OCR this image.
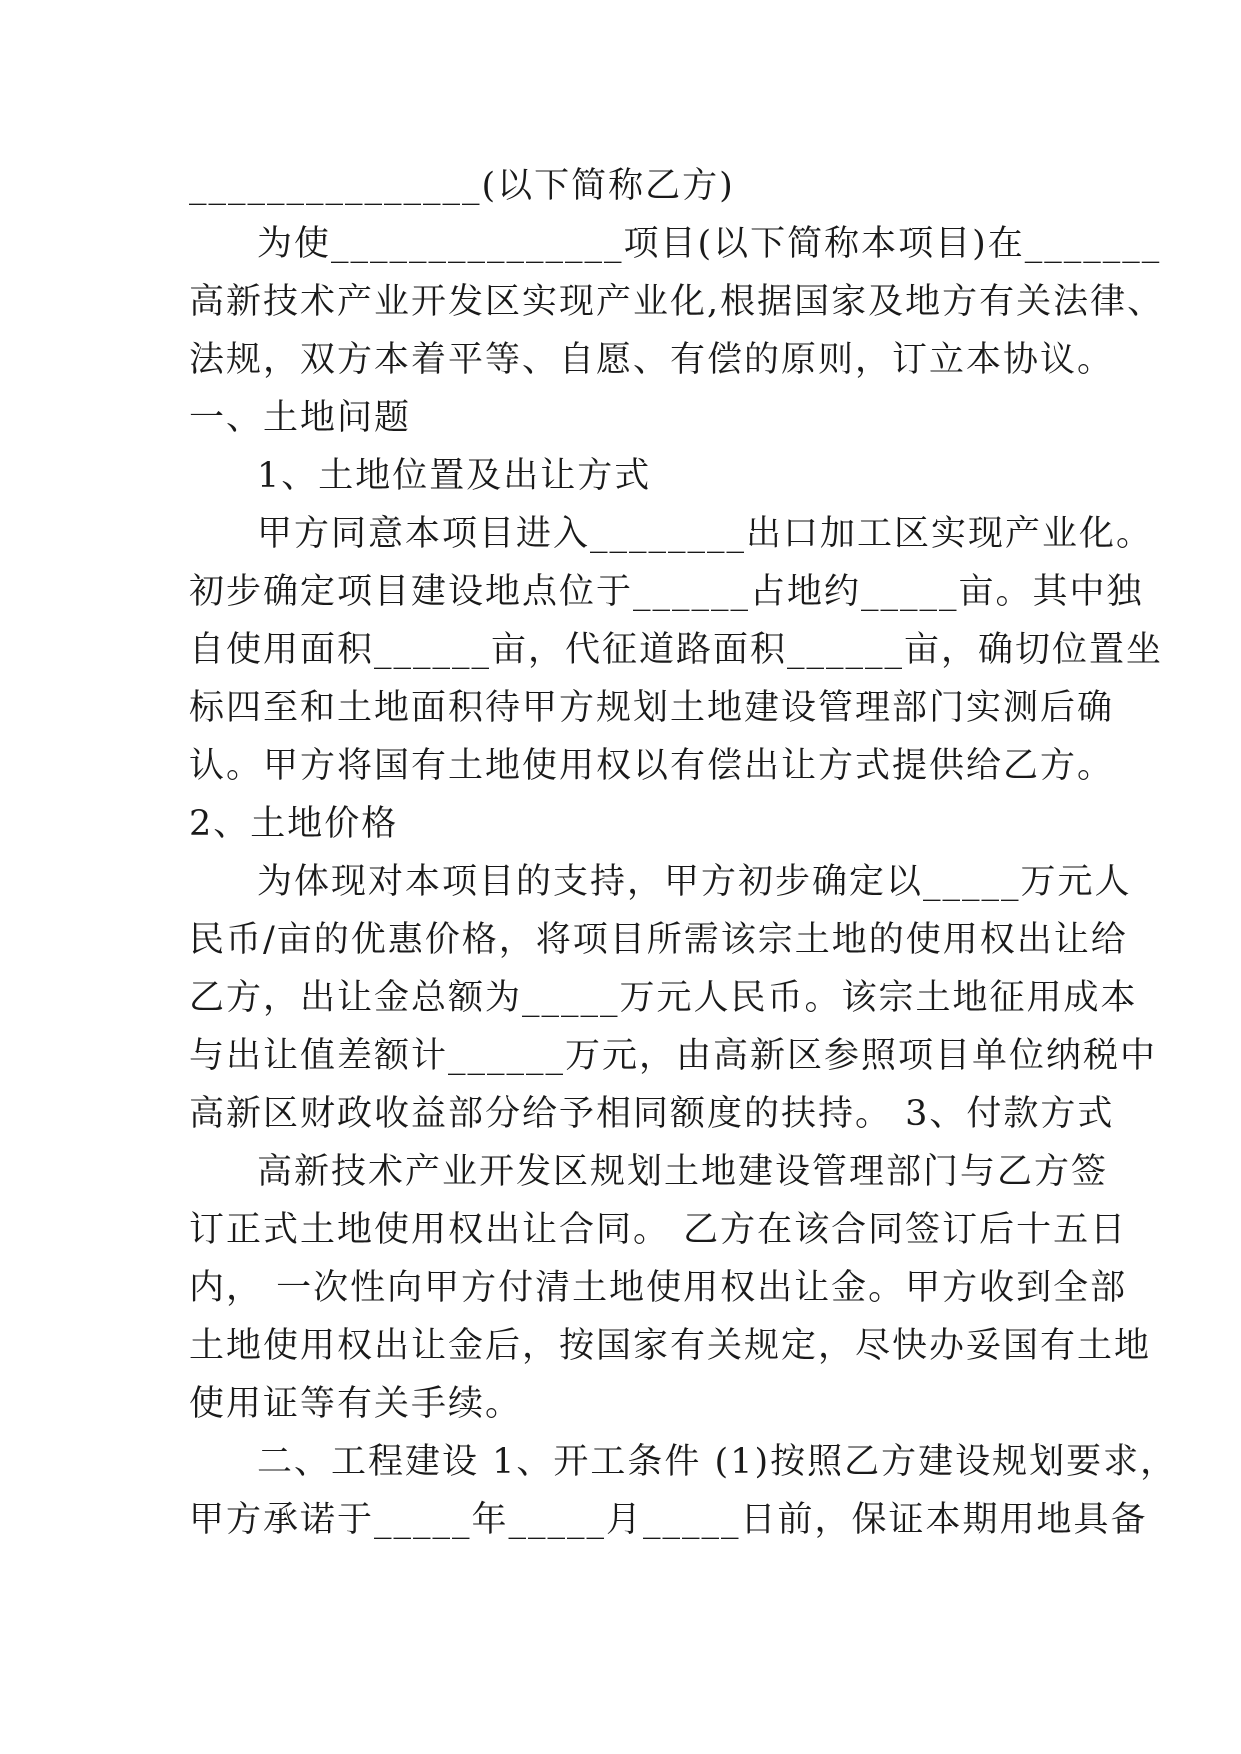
_______________(以下简称乙方)
为使_______________项目(以下简称本项目)在_______
高新技术产业开发区实现产业化,根据国家及地方有关法律、
法规，双方本着平等、自愿、有偿的原则，订立本协议。
一、土地问题
1、土地位置及出让方式
甲方同意本项目进入________出口加工区实现产业化。
初步确定项目建设地点位于______占地约_____亩。其中独
自使用面积______亩，代征道路面积______亩，确切位置坐
标四至和土地面积待甲方规划土地建设管理部门实测后确
认。甲方将国有土地使用权以有偿出让方式提供给乙方。
2、土地价格
为体现对本项目的支持，甲方初步确定以_____万元人
民币/亩的优惠价格，将项目所需该宗土地的使用权出让给
乙方，出让金总额为_____万元人民币。该宗土地征用成本
与出让值差额计______万元，由高新区参照项目单位纳税中
高新区财政收益部分给予相同额度的扶持。 3、付款方式
高新技术产业开发区规划土地建设管理部门与乙方签
订正式土地使用权出让合同。 乙方在该合同签订后十五日
内， 一次性向甲方付清土地使用权出让金。甲方收到全部
土地使用权出让金后，按国家有关规定，尽快办妥国有土地
使用证等有关手续。
二、工程建设 1、开工条件 (1)按照乙方建设规划要求，
甲方承诺于_____年_____月_____日前，保证本期用地具备
